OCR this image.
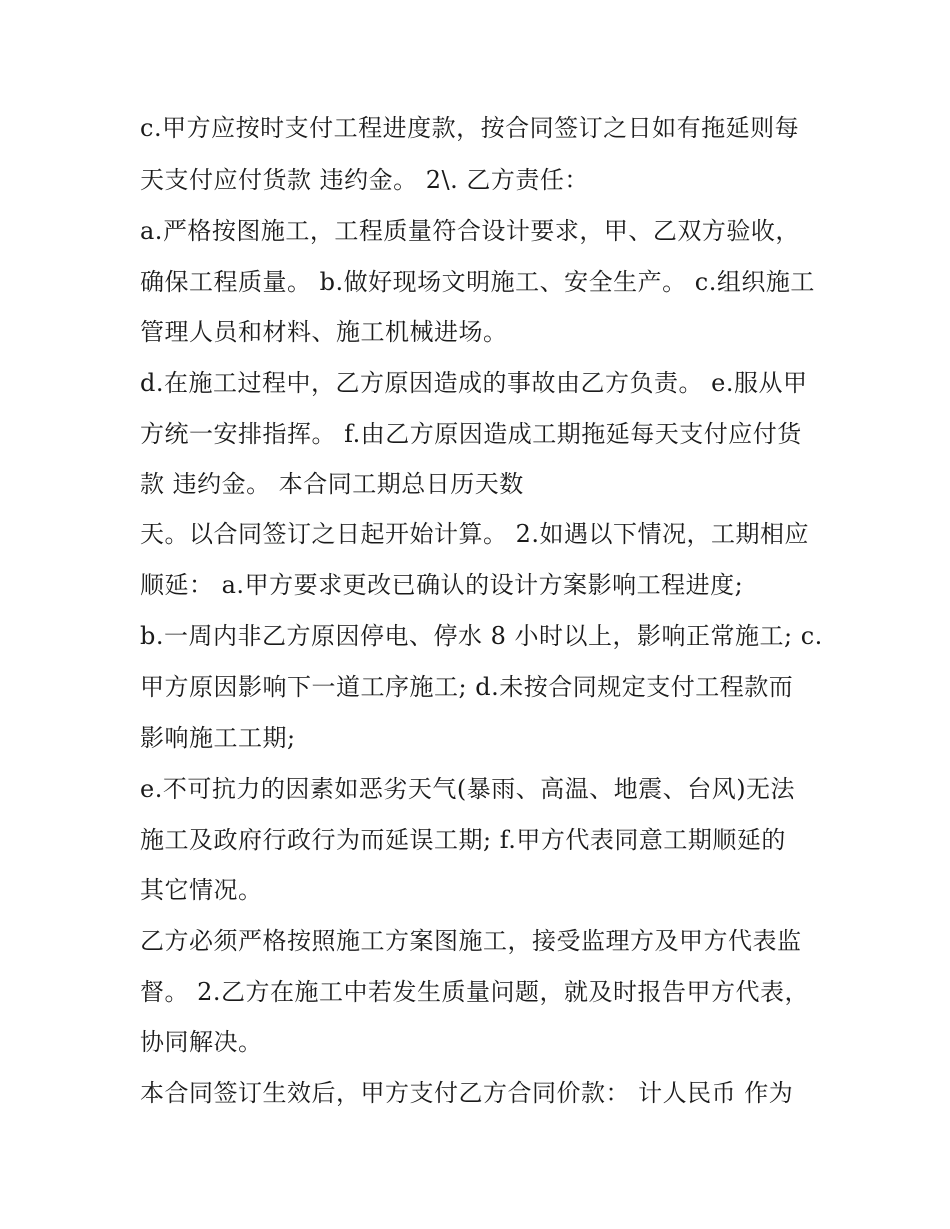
c.甲方应按时支付工程进度款，按合同签订之日如有拖延则每
天支付应付货款 违约金。 2\. 乙方责任：
a.严格按图施工，工程质量符合设计要求，甲、乙双方验收，
确保工程质量。 b.做好现场文明施工、安全生产。 c.组织施工
管理人员和材料、施工机械进场。
d.在施工过程中，乙方原因造成的事故由乙方负责。 e.服从甲
方统一安排指挥。 f.由乙方原因造成工期拖延每天支付应付货
款 违约金。 本合同工期总日历天数
天。以合同签订之日起开始计算。 2.如遇以下情况，工期相应
顺延： a.甲方要求更改已确认的设计方案影响工程进度;
b.一周内非乙方原因停电、停水 8 小时以上，影响正常施工; c.
甲方原因影响下一道工序施工; d.未按合同规定支付工程款而
影响施工工期;
e.不可抗力的因素如恶劣天气(暴雨、高温、地震、台风)无法
施工及政府行政行为而延误工期; f.甲方代表同意工期顺延的
其它情况。
乙方必须严格按照施工方案图施工，接受监理方及甲方代表监
督。 2.乙方在施工中若发生质量问题，就及时报告甲方代表，
协同解决。
本合同签订生效后，甲方支付乙方合同价款： 计人民币 作为
